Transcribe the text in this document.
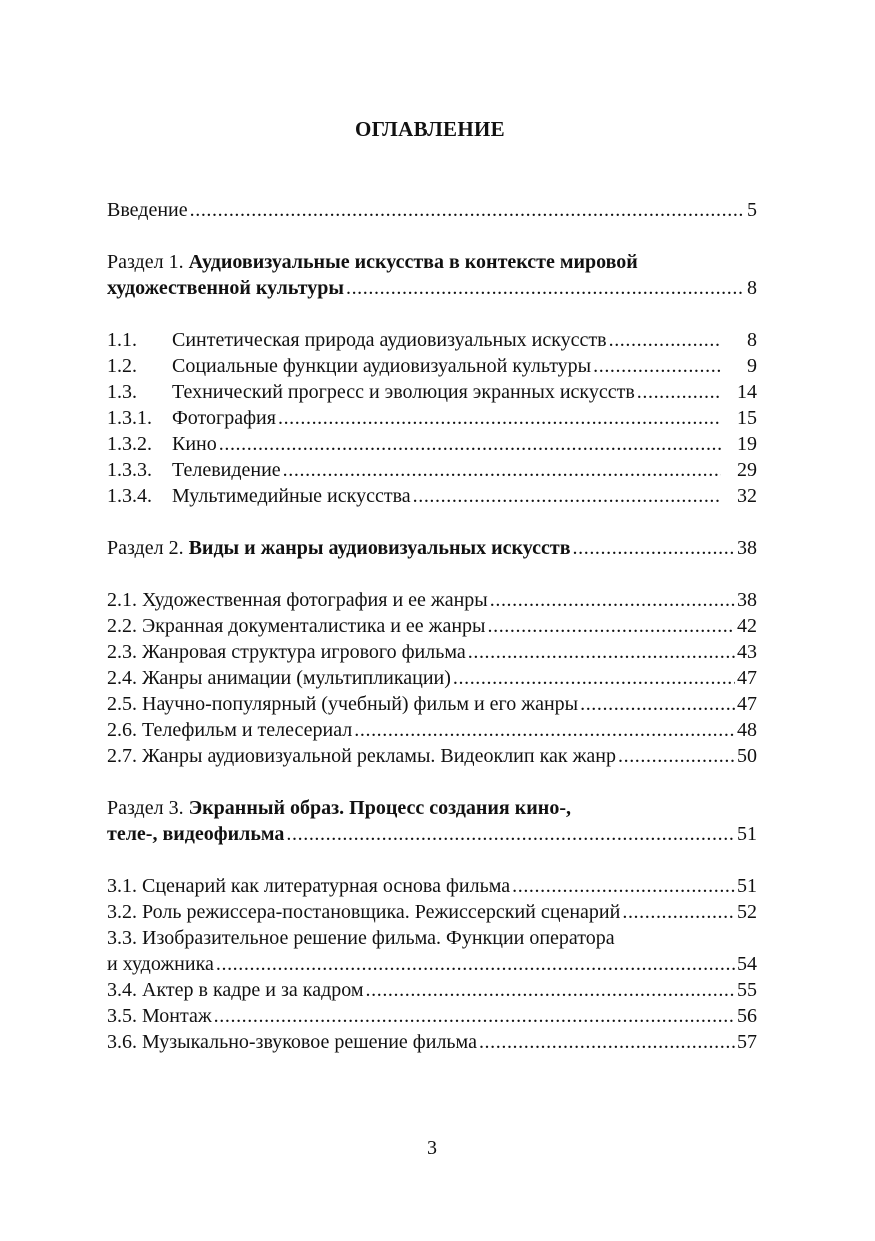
ОГЛАВЛЕНИЕ
Введение .....	5
Раздел 1. Аудиовизуальные искусства в контексте мировой
художественной культуры .....	8
1.1.	Синтетическая природа аудиовизуальных искусств .....	8
1.2.	Социальные функции аудиовизуальной культуры .....	9
1.3.	Технический прогресс и эволюция экранных искусств .....	14
1.3.1.	Фотография .....	15
1.3.2.	Кино .....	19
1.3.3.	Телевидение .....	29
1.3.4.	Мультимедийные искусства .....	32
Раздел 2.
Виды и жанры аудиовизуальных искусств .....	38
2.1. Художественная фотография и ее жанры .....	38
2.2. Экранная документалистика и ее жанры .....	42
2.3. Жанровая структура игрового фильма .....	43
2.4. Жанры анимации (мультипликации) .....	47
2.5. Научно-популярный (учебный) фильм и его жанры .....	47
2.6. Телефильм и телесериал .....	48
2.7. Жанры аудиовизуальной рекламы. Видеоклип как жанр .....	50
Раздел 3. Экранный образ. Процесс создания кино-,
теле-, видеофильма .....	51
3.1. Сценарий как литературная основа фильма .....	51
3.2. Роль режиссера-постановщика. Режиссерский сценарий .....	52
3.3. Изобразительное решение фильма. Функции оператора
и художника .....	54
3.4. Актер в кадре и за кадром .....	55
3.5. Монтаж .....	56
3.6. Музыкально-звуковое решение фильма .....	57
3
